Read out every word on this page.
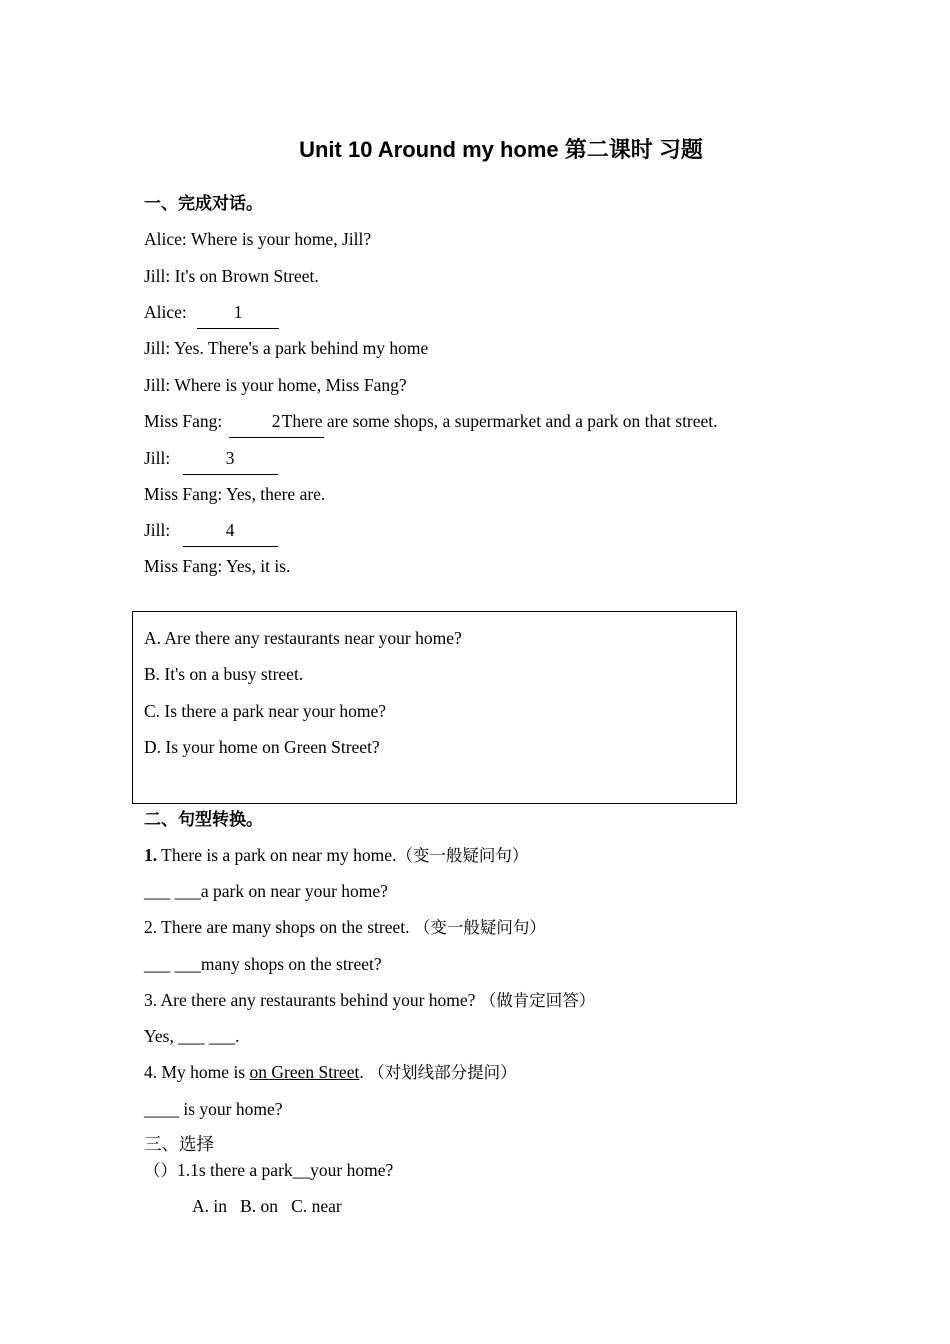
Unit 10 Around my home 第二课时 习题
一、完成对话。
Alice: Where is your home, Jill?
Jill: It's on Brown Street.
Alice:	1
Jill: Yes. There's a park behind my home
Jill: Where is your home, Miss Fang?
Miss Fang:	2There are some shops, a supermarket and a park on that street.
Jill:	3
Miss Fang: Yes, there are.
Jill:	4
Miss Fang: Yes, it is.
A. Are there any restaurants near your home?
B. It's on a busy street.
C. Is there a park near your home?
D. Is your home on Green Street?
二、句型转换。
1. There is a park on near my home.（变一般疑问句）
___ ___a park on near your home?
2. There are many shops on the street. （变一般疑问句）
___ ___many shops on the street?
3. Are there any restaurants behind your home? （做肯定回答）
Yes, ___ ___.
4. My home is on Green Street. （对划线部分提问）
____ is your home?
三、选择
（）1.1s there a park__your home?
A. in   B. on   C. near
